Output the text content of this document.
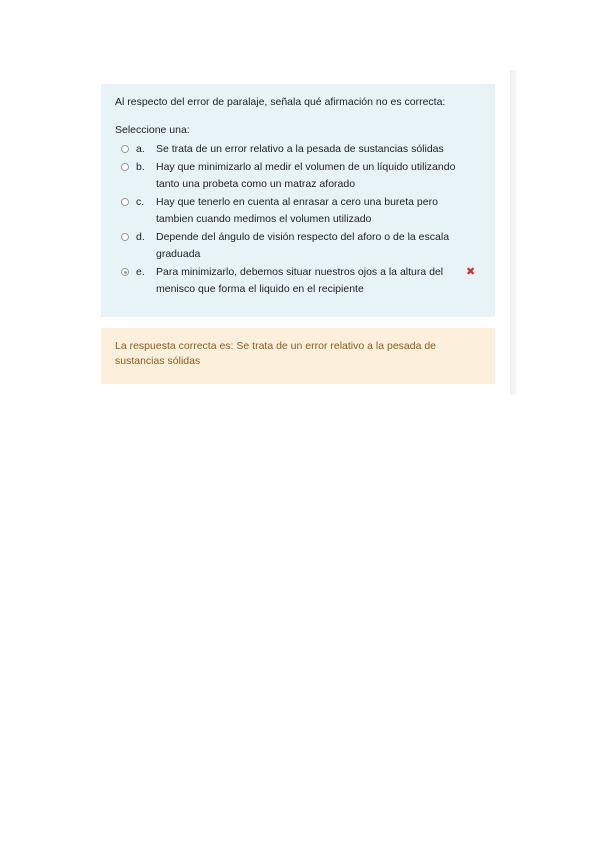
Al respecto del error de paralaje, señala qué afirmación no es correcta:

Seleccione una:
a.	Se trata de un error relativo a la pesada de sustancias sólidas
b.	Hay que minimizarlo al medir el volumen de un líquido utilizando tanto una probeta como un matraz aforado
c.	Hay que tenerlo en cuenta al enrasar a cero una bureta pero tambien cuando medimos el volumen utilizado
d.	Depende del ángulo de visión respecto del aforo o de la escala graduada
e.	Para minimizarlo, debemos situar nuestros ojos a la altura del menisco que forma el liquido en el recipiente
✖
La respuesta correcta es: Se trata de un error relativo a la pesada de sustancias sólidas
